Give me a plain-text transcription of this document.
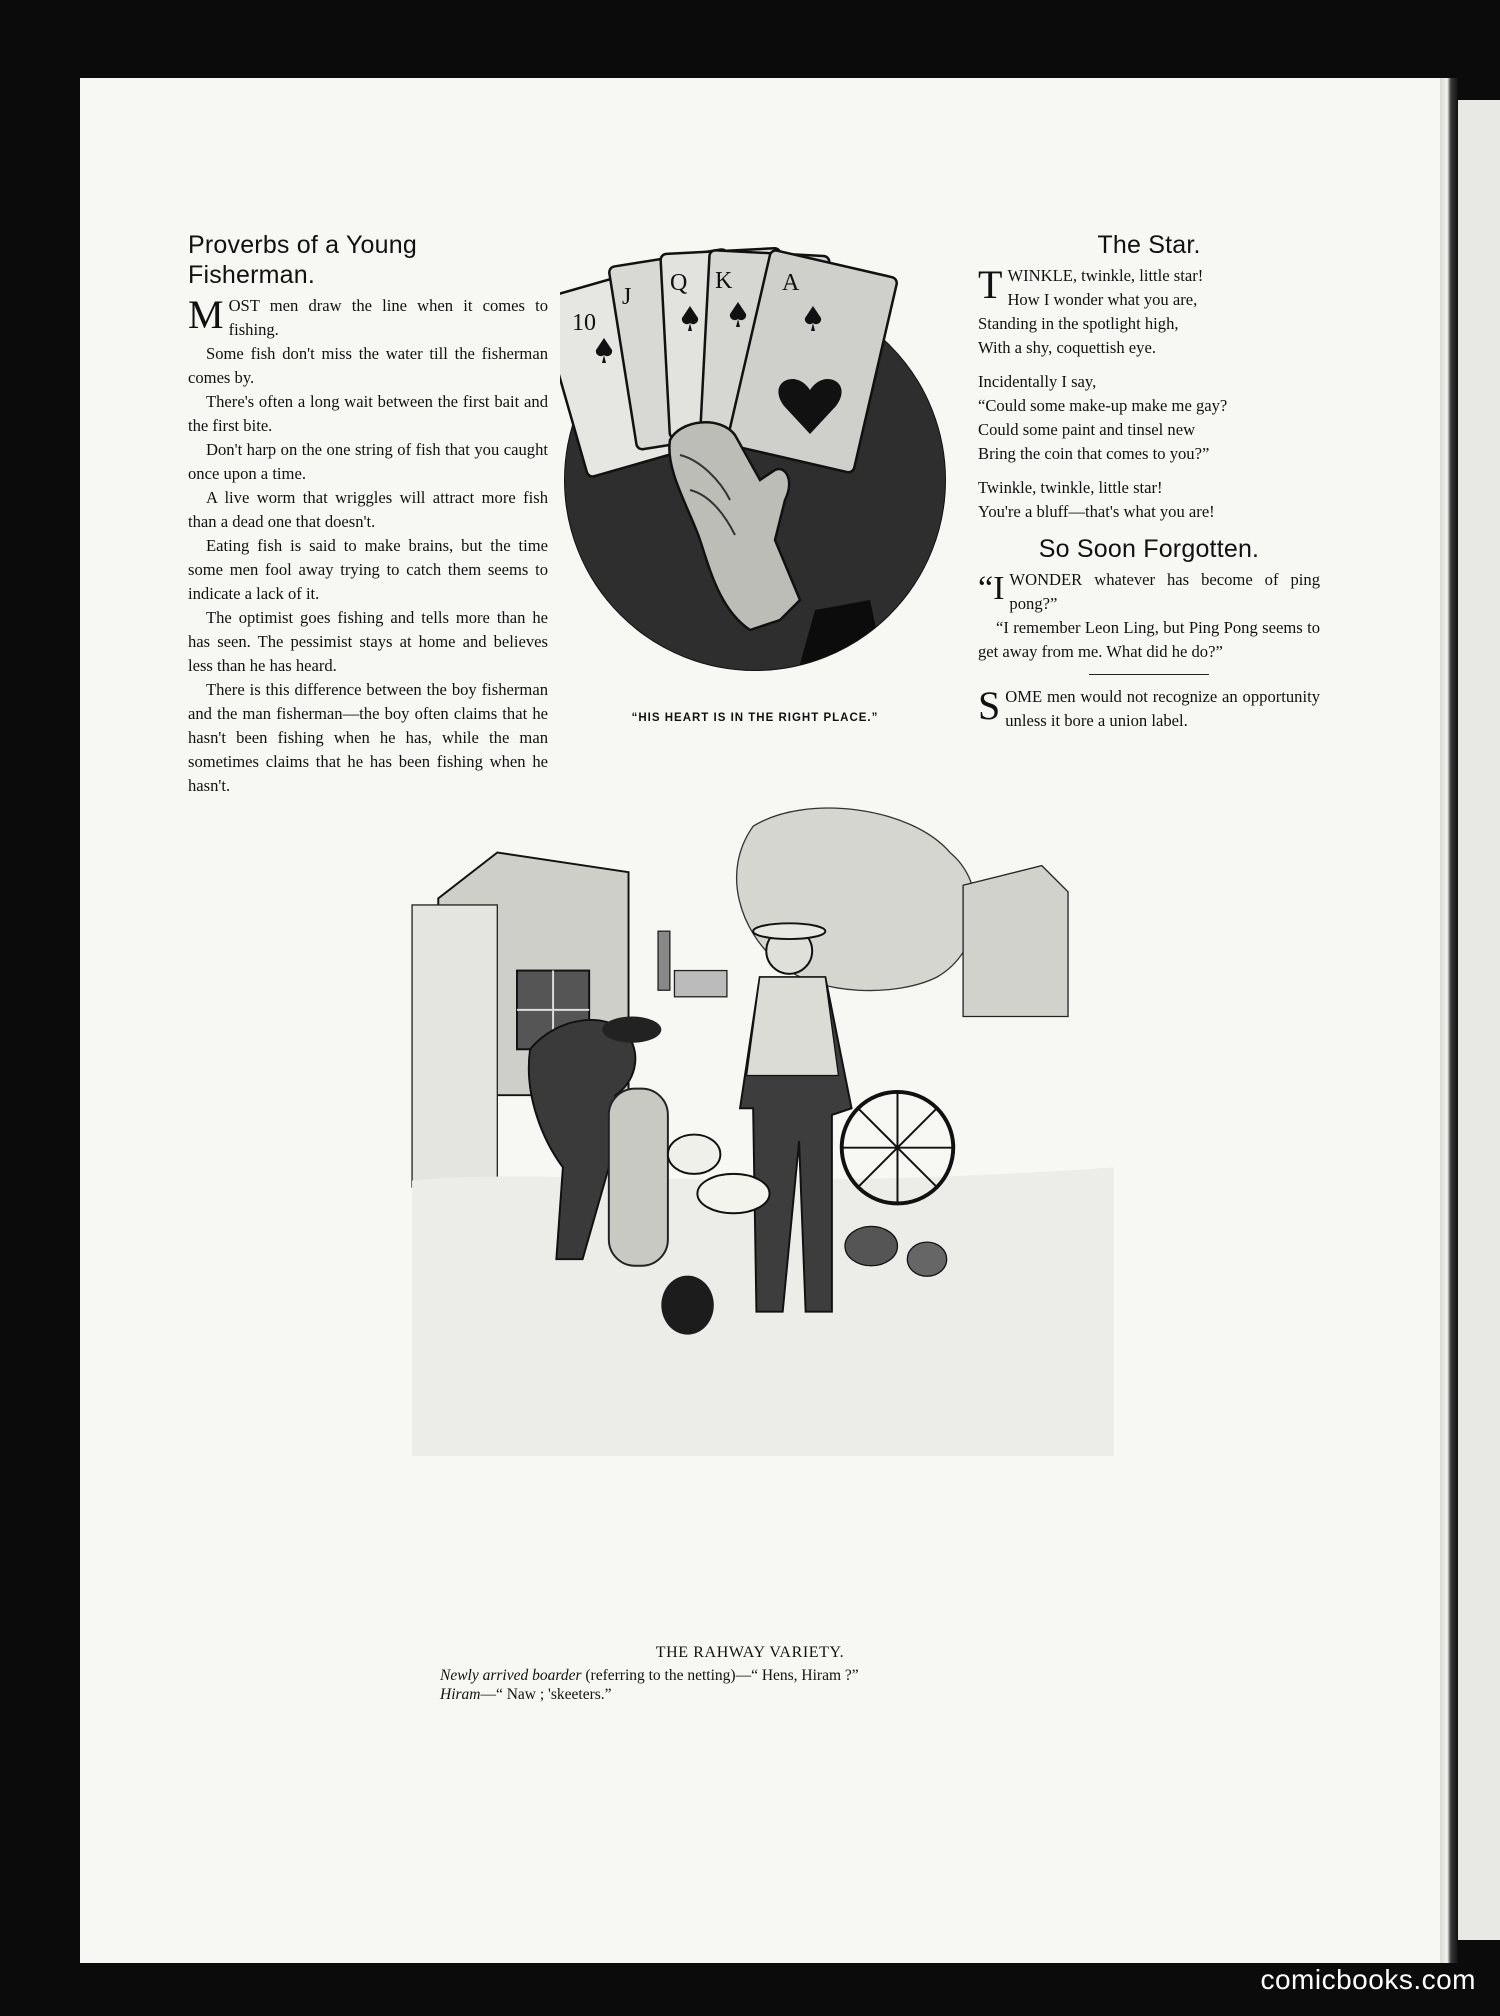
Proverbs of a Young Fisherman.

MOST men draw the line when it comes to fishing.

Some fish don't miss the water till the fisherman comes by.

There's often a long wait between the first bait and the first bite.

Don't harp on the one string of fish that you caught once upon a time.

A live worm that wriggles will attract more fish than a dead one that doesn't.

Eating fish is said to make brains, but the time some men fool away trying to catch them seems to indicate a lack of it.

The optimist goes fishing and tells more than he has seen. The pessimist stays at home and believes less than he has heard.

There is this difference between the boy fisherman and the man fisherman—the boy often claims that he hasn't been fishing when he has, while the man sometimes claims that he has been fishing when he hasn't.

10
J
Q K A
“HIS HEART IS IN THE RIGHT PLACE.”
The Star.

TWINKLE, twinkle, little star!

How I wonder what you are,

Standing in the spotlight high,

With a shy, coquettish eye.

Incidentally I say,

“Could some make-up make me gay?

Could some paint and tinsel new

Bring the coin that comes to you?”

Twinkle, twinkle, little star!

You're a bluff—that's what you are!

So Soon Forgotten.

“IWONDER whatever has become of ping pong?”

“I remember Leon Ling, but Ping Pong seems to get away from me. What did he do?”

SOME men would not recognize an opportunity unless it bore a union label.

THE RAHWAY VARIETY.
Newly arrived boarder (referring to the netting)—“ Hens, Hiram ?”
Hiram—“ Naw ; 'skeeters.”
comicbooks.com
